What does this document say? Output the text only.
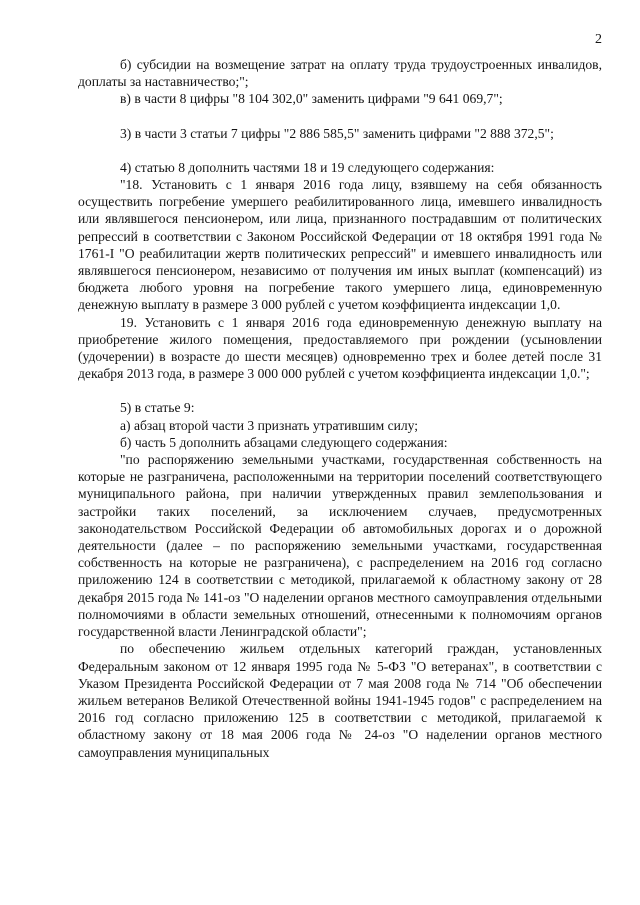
2

б) субсидии на возмещение затрат на оплату труда трудоустроенных инвалидов, доплаты за наставничество;";

в) в части 8 цифры "8 104 302,0" заменить цифрами "9 641 069,7";

3) в части 3 статьи 7 цифры "2 886 585,5" заменить цифрами "2 888 372,5";

4) статью 8 дополнить частями 18 и 19 следующего содержания:

"18. Установить с 1 января 2016 года лицу, взявшему на себя обязанность осуществить погребение умершего реабилитированного лица, имевшего инвалидность или являвшегося пенсионером, или лица, признанного пострадавшим от политических репрессий в соответствии с Законом Российской Федерации от 18 октября 1991 года № 1761-I "О реабилитации жертв политических репрессий" и имевшего инвалидность или являвшегося пенсионером, независимо от получения им иных выплат (компенсаций) из бюджета любого уровня на погребение такого умершего лица, единовременную денежную выплату в размере 3 000 рублей с учетом коэффициента индексации 1,0.

19. Установить с 1 января 2016 года единовременную денежную выплату на приобретение жилого помещения, предоставляемого при рождении (усыновлении (удочерении) в возрасте до шести месяцев) одновременно трех и более детей после 31 декабря 2013 года, в размере 3 000 000 рублей с учетом коэффициента индексации 1,0.";

5) в статье 9:

а) абзац второй части 3 признать утратившим силу;

б) часть 5 дополнить абзацами следующего содержания:

"по распоряжению земельными участками, государственная собственность на которые не разграничена, расположенными на территории поселений соответствующего муниципального района, при наличии утвержденных правил землепользования и застройки таких поселений, за исключением случаев, предусмотренных законодательством Российской Федерации об автомобильных дорогах и о дорожной деятельности (далее – по распоряжению земельными участками, государственная собственность на которые не разграничена), с распределением на 2016 год согласно приложению 124 в соответствии с методикой, прилагаемой к областному закону от 28 декабря 2015 года № 141-оз "О наделении органов местного самоуправления отдельными полномочиями в области земельных отношений, отнесенными к полномочиям органов государственной власти Ленинградской области";

по обеспечению жильем отдельных категорий граждан, установленных Федеральным законом от 12 января 1995 года № 5-ФЗ "О ветеранах", в соответствии с Указом Президента Российской Федерации от 7 мая 2008 года № 714 "Об обеспечении жильем ветеранов Великой Отечественной войны 1941-1945 годов" с распределением на 2016 год согласно приложению 125 в соответствии с методикой, прилагаемой к областному закону от 18 мая 2006 года № 24-оз "О наделении органов местного самоуправления муниципальных
